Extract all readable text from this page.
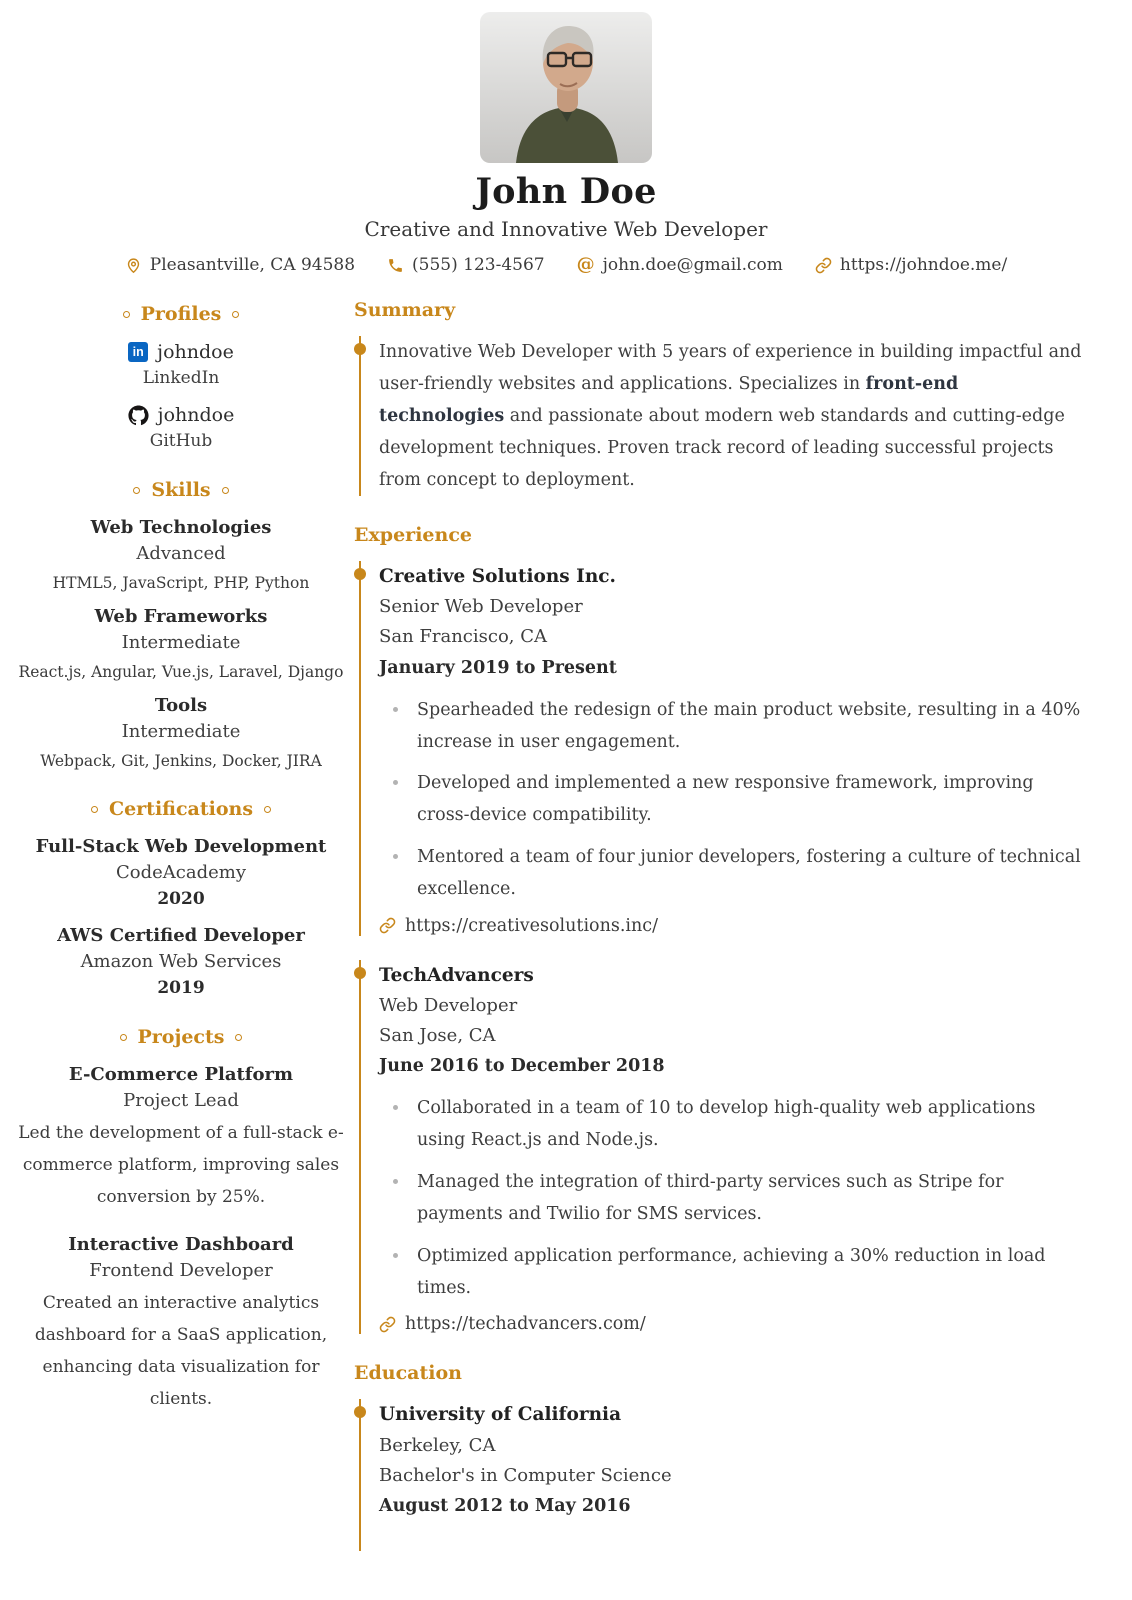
John Doe
Creative and Innovative Web Developer
Pleasantville, CA 94588	(555) 123-4567 @ john.doe@gmail.com	https://johndoe.me/
Profiles
in johndoe
LinkedIn
johndoe
GitHub
Skills
Web Technologies
Advanced
HTML5, JavaScript, PHP, Python
Web Frameworks
Intermediate
React.js, Angular, Vue.js, Laravel, Django
Tools
Intermediate
Webpack, Git, Jenkins, Docker, JIRA
Certifications
Full-Stack Web Development
CodeAcademy
2020
AWS Certified Developer
Amazon Web Services
2019
Projects
E-Commerce Platform
Project Lead
Led the development of a full-stack e-commerce platform, improving sales conversion by 25%.
Interactive Dashboard
Frontend Developer
Created an interactive analytics dashboard for a SaaS application, enhancing data visualization for clients.
Summary

Innovative Web Developer with 5 years of experience in building impactful and user-friendly websites and applications. Specializes in front-end technologies and passionate about modern web standards and cutting-edge development techniques. Proven track record of leading successful projects from concept to deployment.

Experience
Creative Solutions Inc.
Senior Web Developer
San Francisco, CA
January 2019 to Present
Spearheaded the redesign of the main product website, resulting in a 40% increase in user engagement.
Developed and implemented a new responsive framework, improving cross-device compatibility.
Mentored a team of four junior developers, fostering a culture of technical excellence.
https://creativesolutions.inc/
TechAdvancers
Web Developer
San Jose, CA
June 2016 to December 2018
Collaborated in a team of 10 to develop high-quality web applications using React.js and Node.js.
Managed the integration of third-party services such as Stripe for payments and Twilio for SMS services.
Optimized application performance, achieving a 30% reduction in load times.
https://techadvancers.com/
Education
University of California
Berkeley, CA
Bachelor's in Computer Science
August 2012 to May 2016
